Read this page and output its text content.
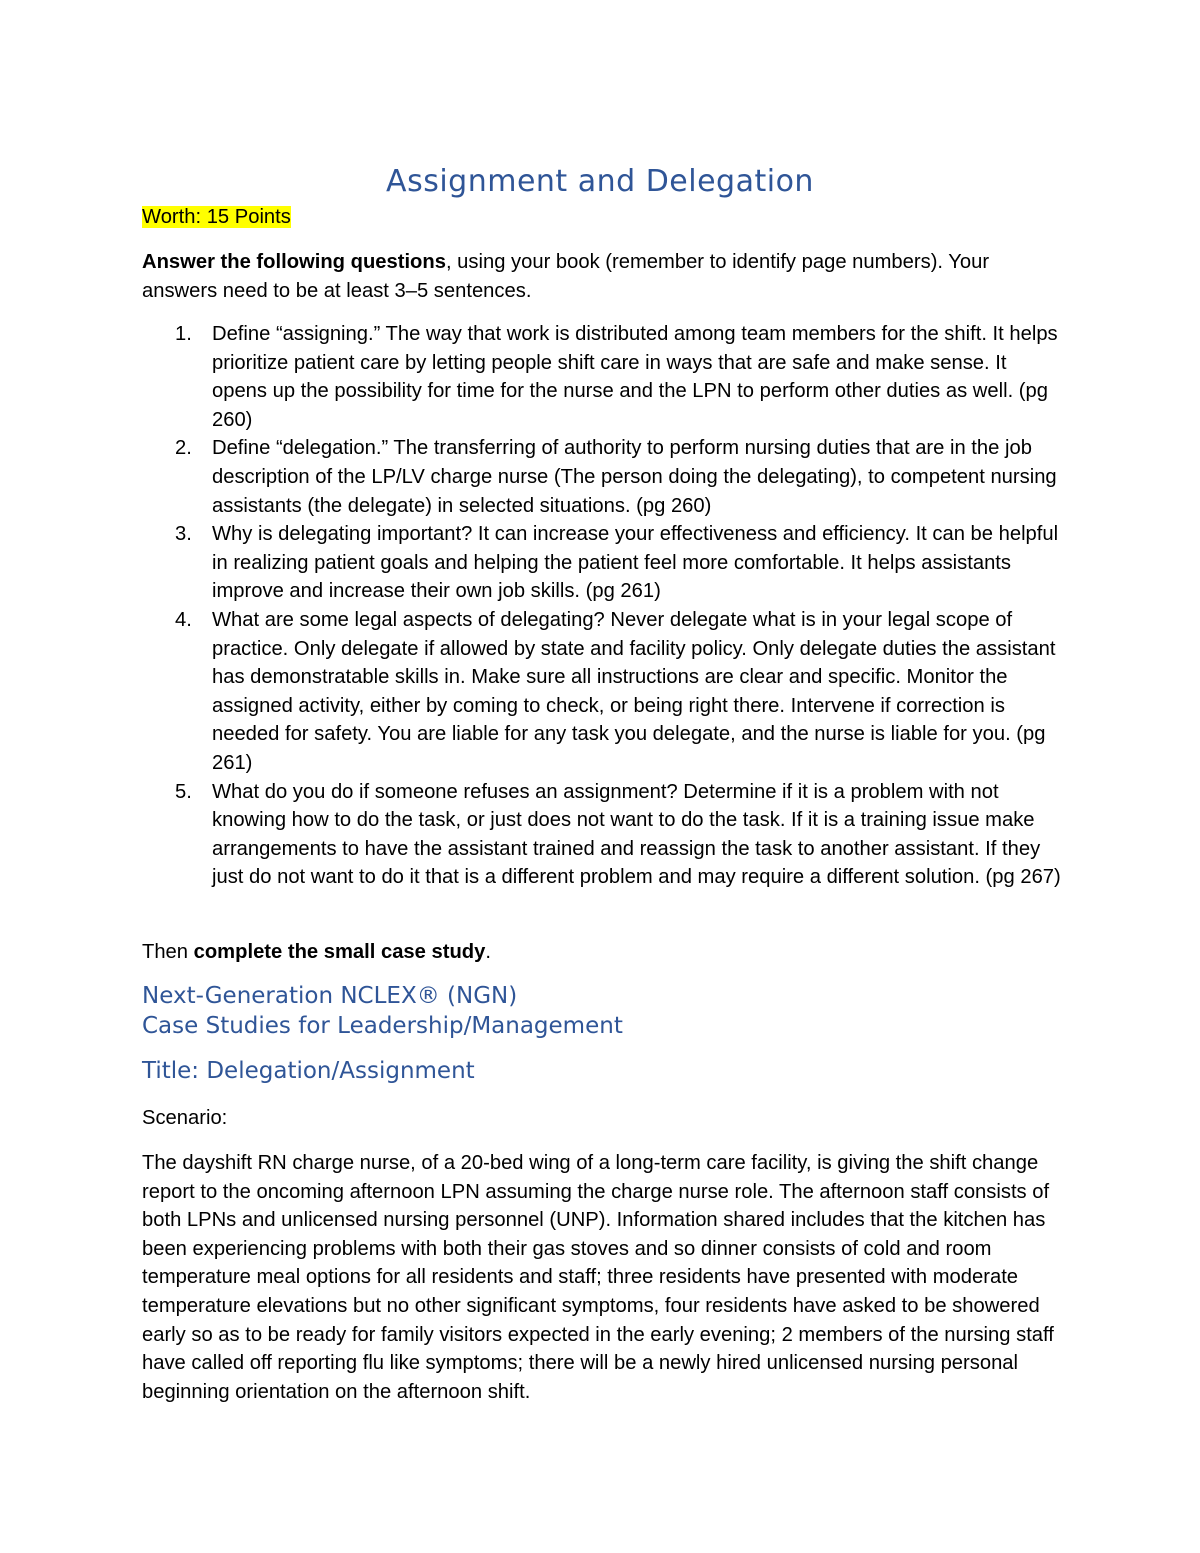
Assignment and Delegation
Worth: 15 Points
Answer the following questions, using your book (remember to identify page numbers). Your answers need to be at least 3–5 sentences.
1. Define “assigning.” The way that work is distributed among team members for the shift. It helps prioritize patient care by letting people shift care in ways that are safe and make sense. It opens up the possibility for time for the nurse and the LPN to perform other duties as well. (pg 260)
2. Define “delegation.” The transferring of authority to perform nursing duties that are in the job description of the LP/LV charge nurse (The person doing the delegating), to competent nursing assistants (the delegate) in selected situations. (pg 260)
3. Why is delegating important? It can increase your effectiveness and efficiency. It can be helpful in realizing patient goals and helping the patient feel more comfortable. It helps assistants improve and increase their own job skills. (pg 261)
4. What are some legal aspects of delegating? Never delegate what is in your legal scope of practice. Only delegate if allowed by state and facility policy. Only delegate duties the assistant has demonstratable skills in. Make sure all instructions are clear and specific. Monitor the assigned activity, either by coming to check, or being right there. Intervene if correction is needed for safety. You are liable for any task you delegate, and the nurse is liable for you. (pg 261)
5. What do you do if someone refuses an assignment? Determine if it is a problem with not knowing how to do the task, or just does not want to do the task. If it is a training issue make arrangements to have the assistant trained and reassign the task to another assistant. If they just do not want to do it that is a different problem and may require a different solution. (pg 267)
Then complete the small case study.
Next-Generation NCLEX® (NGN)
Case Studies for Leadership/Management
Title: Delegation/Assignment
Scenario:
The dayshift RN charge nurse, of a 20-bed wing of a long-term care facility, is giving the shift change report to the oncoming afternoon LPN assuming the charge nurse role. The afternoon staff consists of both LPNs and unlicensed nursing personnel (UNP). Information shared includes that the kitchen has been experiencing problems with both their gas stoves and so dinner consists of cold and room temperature meal options for all residents and staff; three residents have presented with moderate temperature elevations but no other significant symptoms, four residents have asked to be showered early so as to be ready for family visitors expected in the early evening; 2 members of the nursing staff have called off reporting flu like symptoms; there will be a newly hired unlicensed nursing personal beginning orientation on the afternoon shift.
